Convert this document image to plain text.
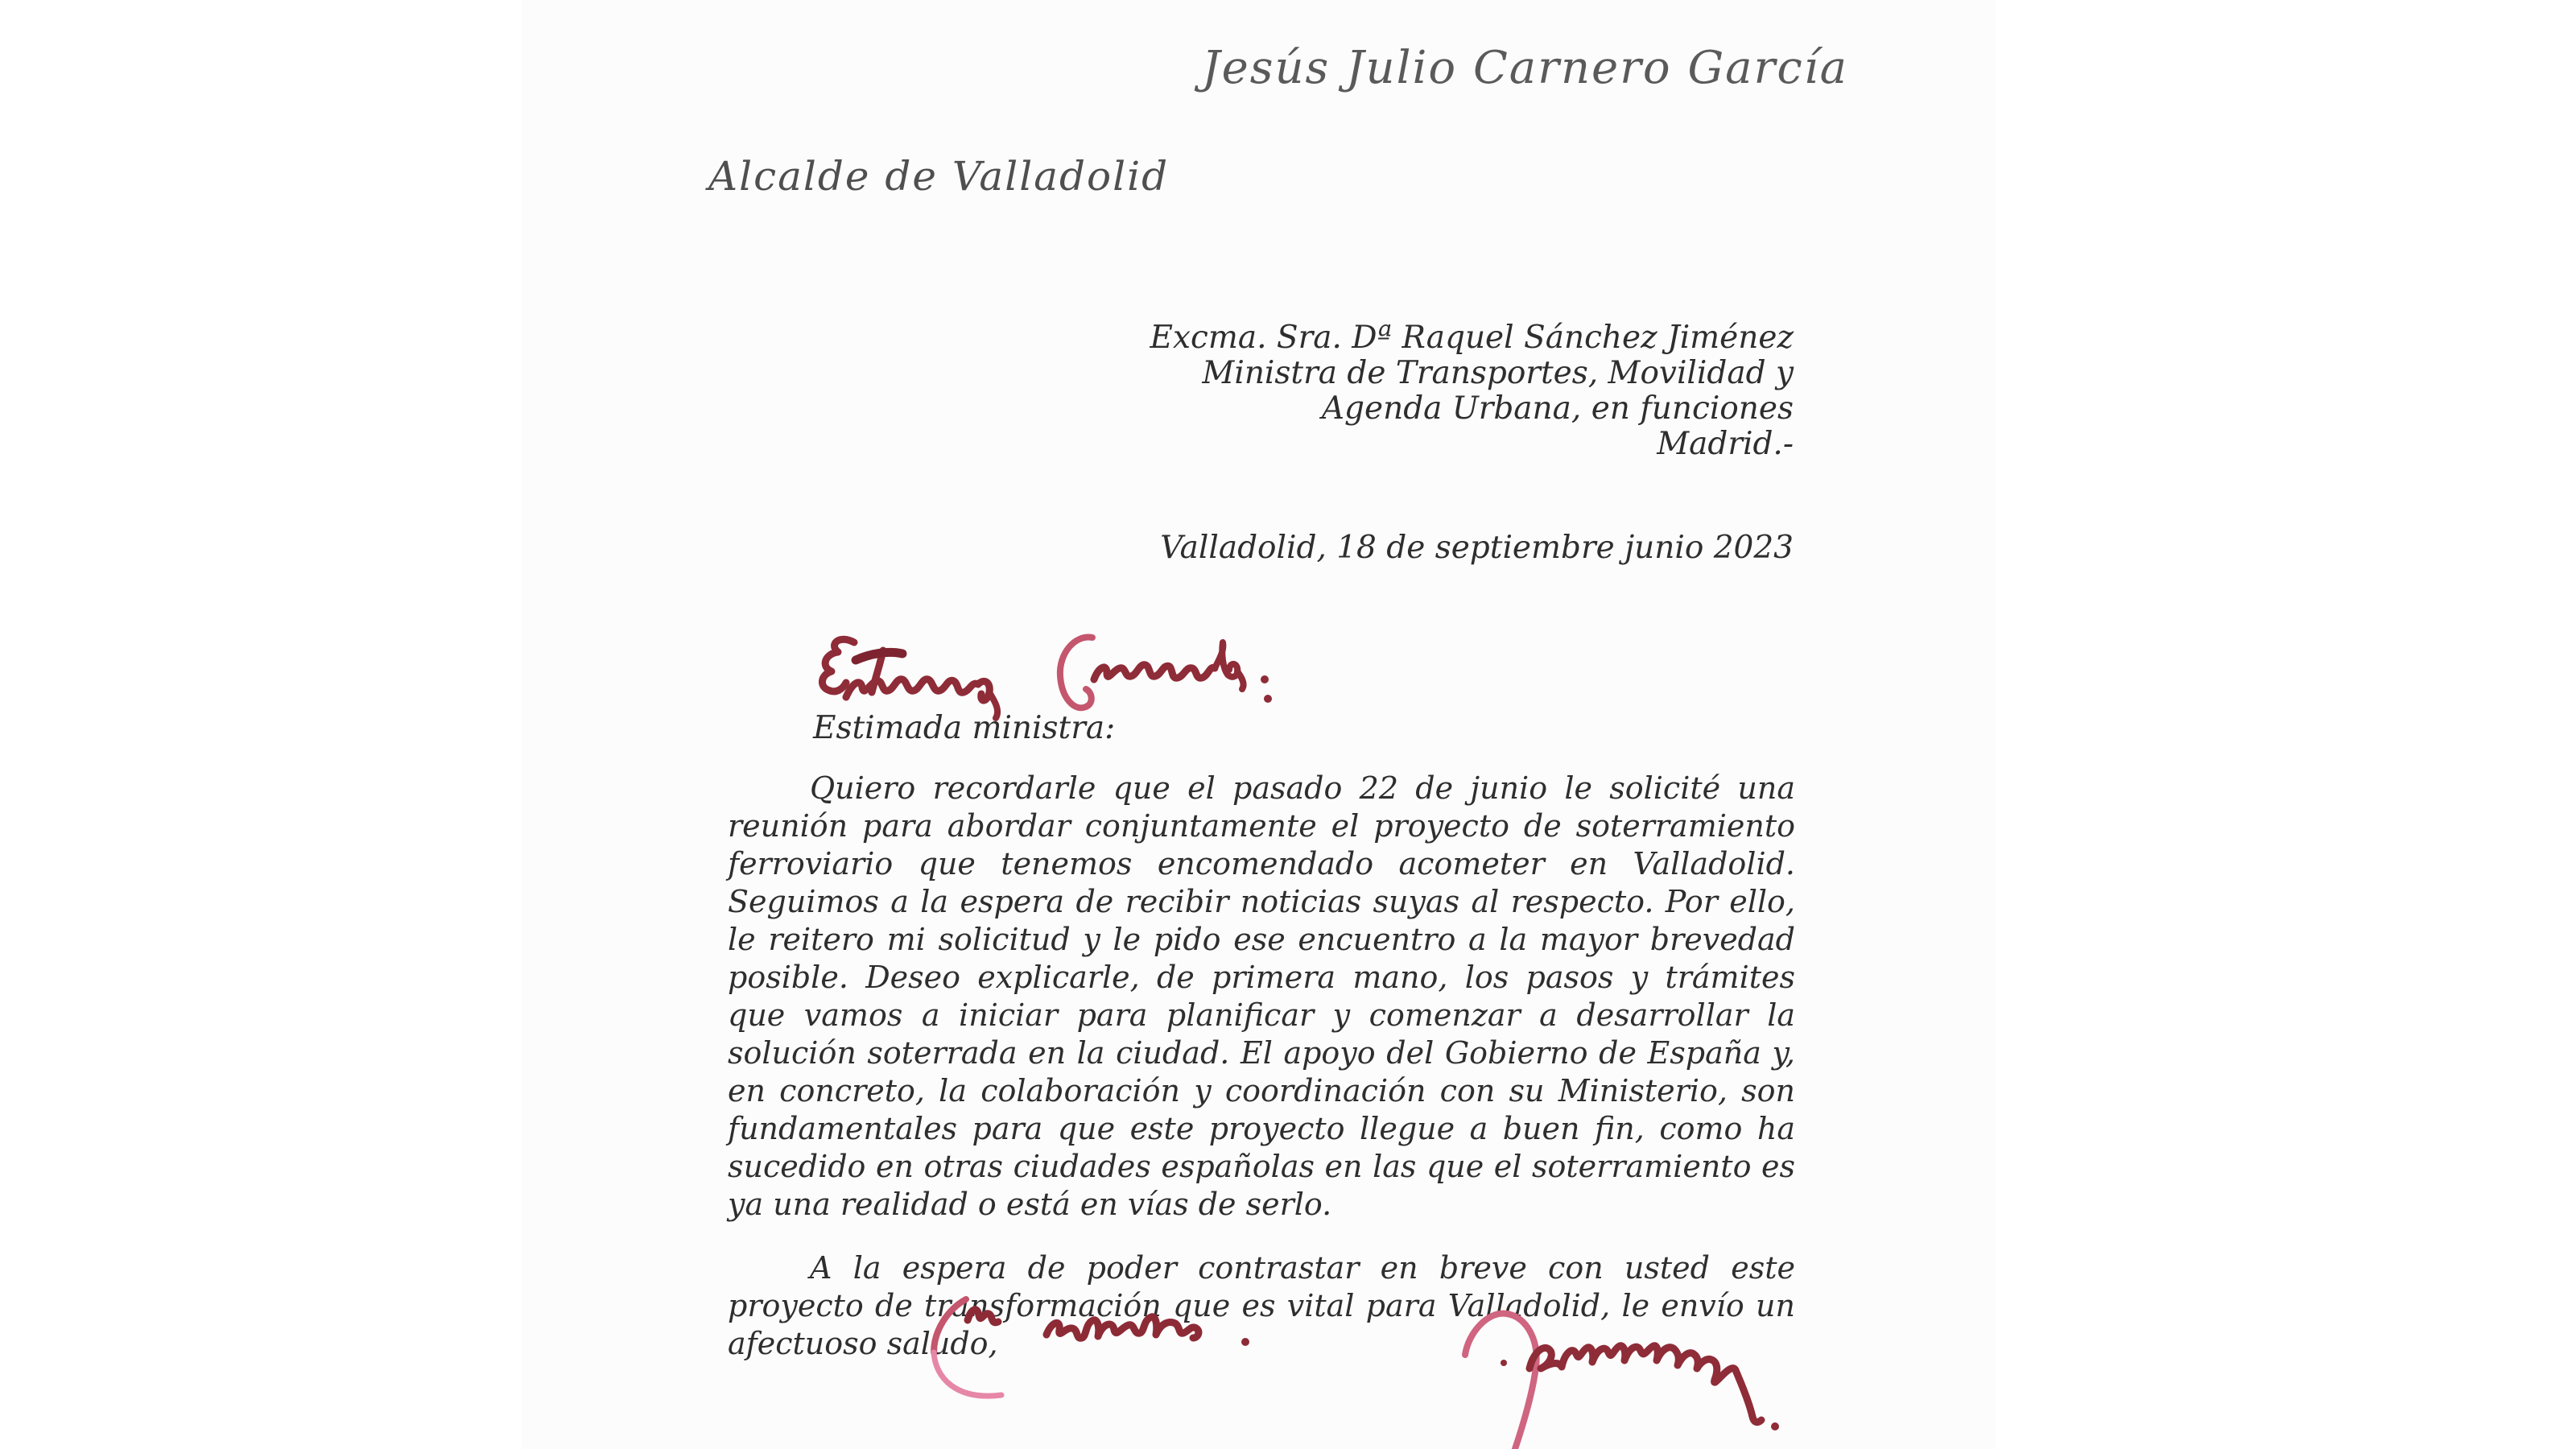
Jesús Julio Carnero García
Alcalde de Valladolid
Excma. Sra. Dª Raquel Sánchez Jiménez
Ministra de Transportes, Movilidad y
Agenda Urbana, en funciones
Madrid.-
Valladolid, 18 de septiembre junio 2023
Estimada ministra:

Quiero recordarle que el pasado 22 de junio le solicité una reunión para abordar conjuntamente el proyecto de soterramiento ferroviario que tenemos encomendado acometer en Valladolid. Seguimos a la espera de recibir noticias suyas al respecto. Por ello, le reitero mi solicitud y le pido ese encuentro a la mayor brevedad posible. Deseo explicarle, de primera mano, los pasos y trámites que vamos a iniciar para planificar y comenzar a desarrollar la solución soterrada en la ciudad. El apoyo del Gobierno de España y, en concreto, la colaboración y coordinación con su Ministerio, son fundamentales para que este proyecto llegue a buen fin, como ha sucedido en otras ciudades españolas en las que el soterramiento es ya una realidad o está en vías de serlo.

A la espera de poder contrastar en breve con usted este proyecto de transformación que es vital para Valladolid, le envío un afectuoso saludo,
